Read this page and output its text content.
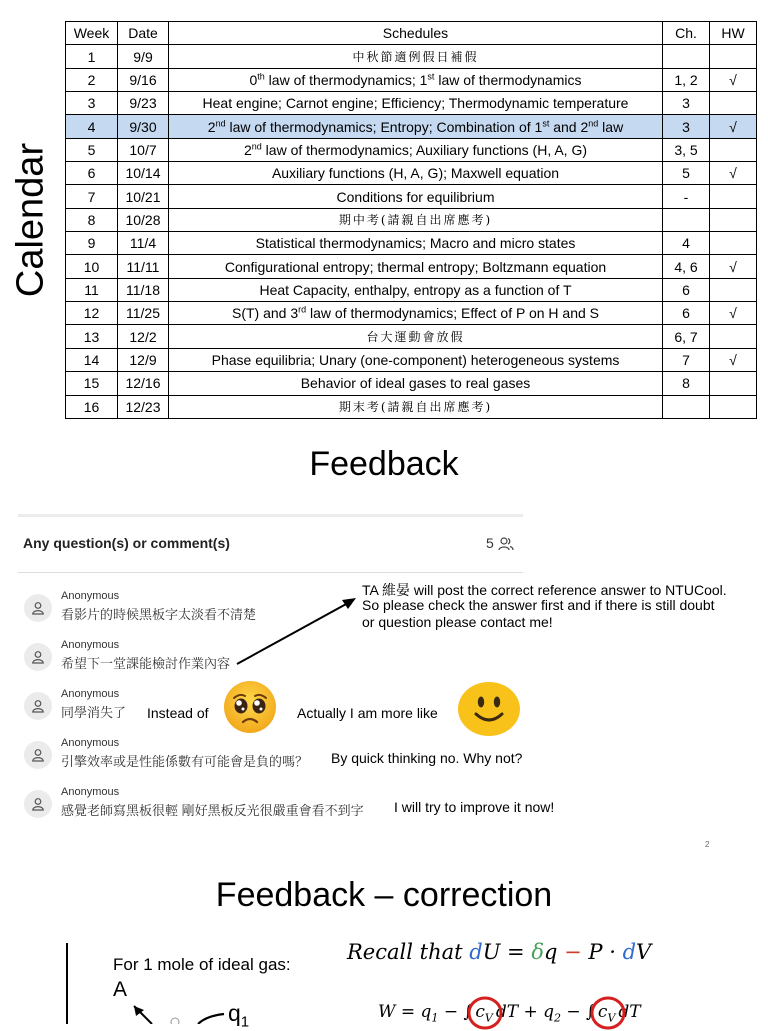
Calendar
Week	Date	Schedules	Ch.	HW
1	9/9	中秋節適例假日補假		
2	9/16	0th law of thermodynamics; 1st law of thermodynamics	1, 2	√
3	9/23	Heat engine; Carnot engine; Efficiency; Thermodynamic temperature	3	
4	9/30	2nd law of thermodynamics; Entropy; Combination of 1st and 2nd law	3	√
5	10/7	2nd law of thermodynamics; Auxiliary functions (H, A, G)	3, 5	
6	10/14	Auxiliary functions (H, A, G); Maxwell equation	5	√
7	10/21	Conditions for equilibrium	-	
8	10/28	期中考(請親自出席應考)		
9	11/4	Statistical thermodynamics; Macro and micro states	4	
10	11/11	Configurational entropy; thermal entropy; Boltzmann equation	4, 6	√
11	11/18	Heat Capacity, enthalpy, entropy as a function of T	6	
12	11/25	S(T) and 3rd law of thermodynamics; Effect of P on H and S	6	√
13	12/2	台大運動會放假	6, 7	
14	12/9	Phase equilibria; Unary (one-component) heterogeneous systems	7	√
15	12/16	Behavior of ideal gases to real gases	8	
16	12/23	期末考(請親自出席應考)		
Feedback
Any question(s) or comment(s)	5
Anonymous
看影片的時候黑板字太淡看不清楚
Anonymous
希望下一堂課能檢討作業內容
Anonymous
同學消失了
Anonymous
引擎效率或是性能係數有可能會是負的嗎？
Anonymous
感覺老師寫黑板很輕 剛好黑板反光很嚴重會看不到字
TA 維晏 will post the correct reference answer to NTUCool.
So please check the answer first and if there is still doubt
or question please contact me!
Instead of	Actually I am more like
By quick thinking no. Why not?
I will try to improve it now!
2
Feedback – correction
For 1 mole of ideal gas:
A
$q_1$
Recall that dU = δq − P · dV
$W = q_1$ − ∫ $c_V$ dT + $q_2$ − ∫ $c_V$ dT
